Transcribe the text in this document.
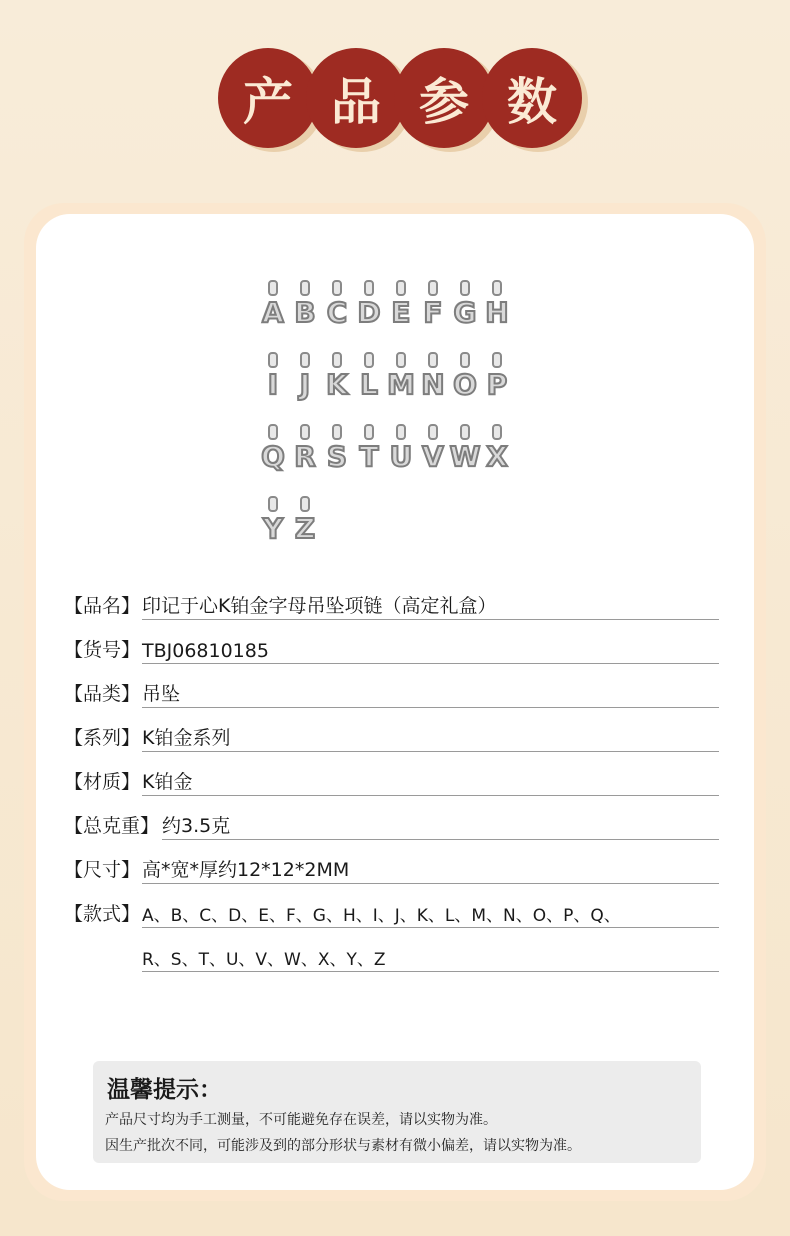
产 品 参 数
A B C D E F G H
I J K L M N O P
Q R S T U V W X
Y Z
【品名】 印记于心K铂金字母吊坠项链（高定礼盒）
【货号】 TBJ06810185
【品类】 吊坠
【系列】 K铂金系列
【材质】 K铂金
【总克重】 约3.5克
【尺寸】 高*宽*厚约12*12*2MM
【款式】 A、B、C、D、E、F、G、H、I、J、K、L、M、N、O、P、Q、
R、S、T、U、V、W、X、Y、Z
温馨提示：
产品尺寸均为手工测量，不可能避免存在误差，请以实物为准。
因生产批次不同，可能涉及到的部分形状与素材有微小偏差，请以实物为准。
